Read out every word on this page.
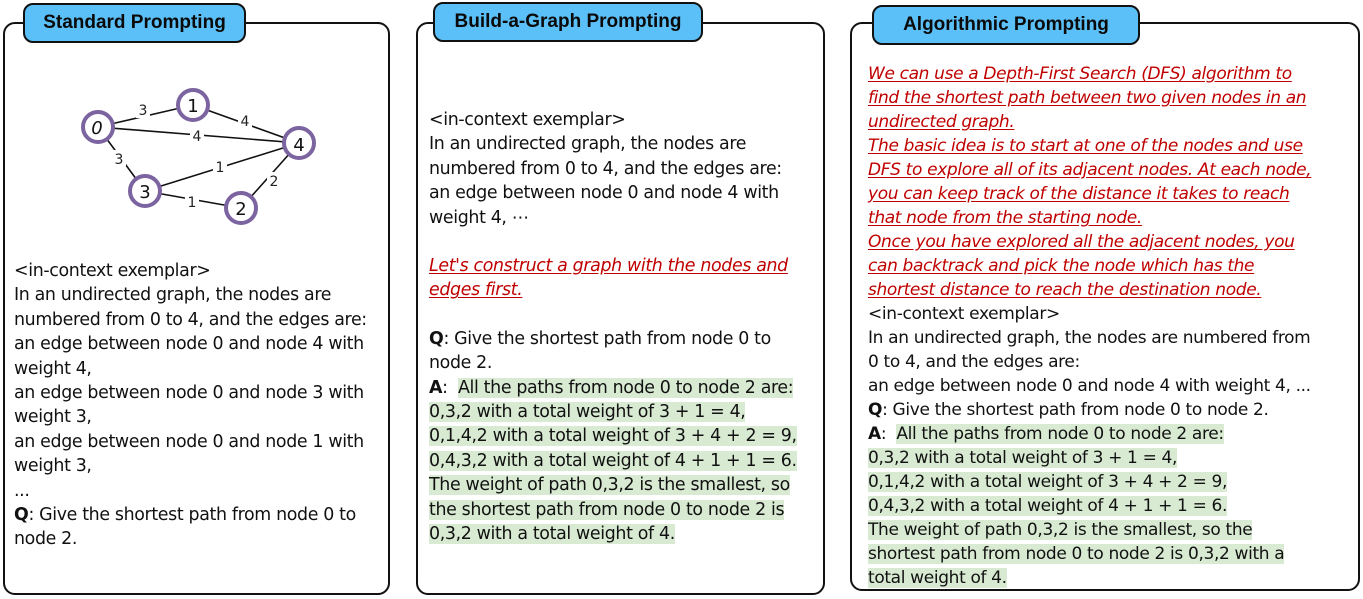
Standard Prompting
3
4
4
3	1
1
2
0
1
4
3
2
<in-context exemplar>
In an undirected graph, the nodes are
numbered from 0 to 4, and the edges are:
an edge between node 0 and node 4 with
weight 4,
an edge between node 0 and node 3 with
weight 3,
an edge between node 0 and node 1 with
weight 3,
...
Q: Give the shortest path from node 0 to
node 2.
Build-a-Graph Prompting
<in-context exemplar>
In an undirected graph, the nodes are
numbered from 0 to 4, and the edges are:
an edge between node 0 and node 4 with
weight 4, ⋯
Let's construct a graph with the nodes and
edges first.
Q: Give the shortest path from node 0 to
node 2.
A:  All the paths from node 0 to node 2 are:
0,3,2 with a total weight of 3 + 1 = 4,
0,1,4,2 with a total weight of 3 + 4 + 2 = 9,
0,4,3,2 with a total weight of 4 + 1 + 1 = 6.
The weight of path 0,3,2 is the smallest, so
the shortest path from node 0 to node 2 is
0,3,2 with a total weight of 4.
Algorithmic Prompting
We can use a Depth-First Search (DFS) algorithm to
find the shortest path between two given nodes in an
undirected graph.
The basic idea is to start at one of the nodes and use
DFS to explore all of its adjacent nodes. At each node,
you can keep track of the distance it takes to reach
that node from the starting node.
Once you have explored all the adjacent nodes, you
can backtrack and pick the node which has the
shortest distance to reach the destination node.
<in-context exemplar>
In an undirected graph, the nodes are numbered from
0 to 4, and the edges are:
an edge between node 0 and node 4 with weight 4, ...
Q: Give the shortest path from node 0 to node 2.
A:  All the paths from node 0 to node 2 are:
0,3,2 with a total weight of 3 + 1 = 4,
0,1,4,2 with a total weight of 3 + 4 + 2 = 9,
0,4,3,2 with a total weight of 4 + 1 + 1 = 6.
The weight of path 0,3,2 is the smallest, so the
shortest path from node 0 to node 2 is 0,3,2 with a
total weight of 4.
